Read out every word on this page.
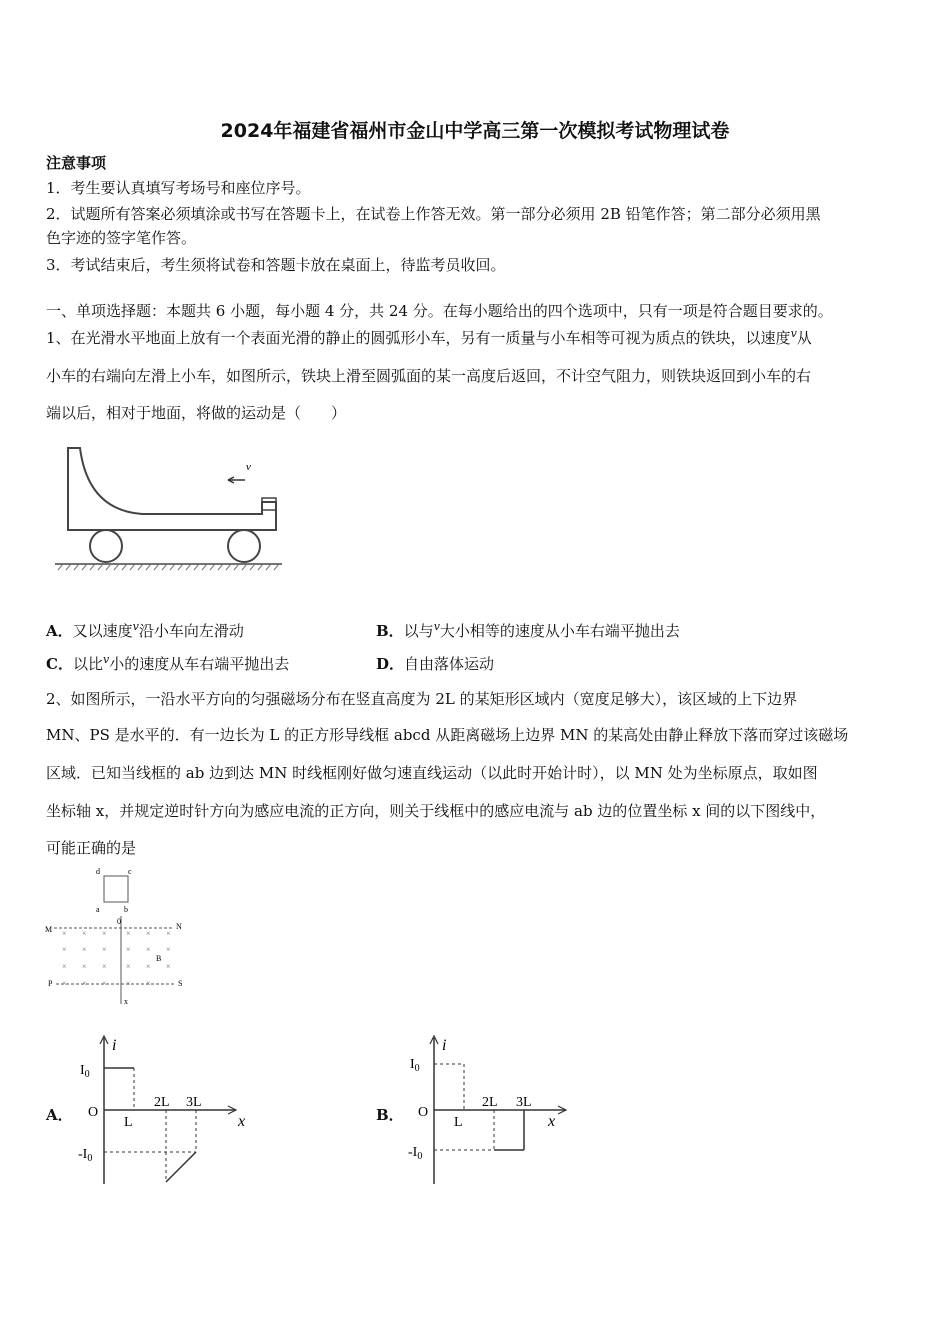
2024年福建省福州市金山中学高三第一次模拟考试物理试卷
注意事项
1．考生要认真填写考场号和座位序号。
2．试题所有答案必须填涂或书写在答题卡上，在试卷上作答无效。第一部分必须用 2B 铅笔作答；第二部分必须用黑
色字迹的签字笔作答。
3．考试结束后，考生须将试卷和答题卡放在桌面上，待监考员收回。
一、单项选择题：本题共 6 小题，每小题 4 分，共 24 分。在每小题给出的四个选项中，只有一项是符合题目要求的。
1、在光滑水平地面上放有一个表面光滑的静止的圆弧形小车，另有一质量与小车相等可视为质点的铁块，以速度$^v$从
小车的右端向左滑上小车，如图所示，铁块上滑至圆弧面的某一高度后返回，不计空气阻力，则铁块返回到小车的右
端以后，相对于地面，将做的运动是（　　）
v
A．又以速度$^v$沿小车向左滑动	B．以与$^v$大小相等的速度从小车右端平抛出去
C．以比$^v$小的速度从车右端平抛出去	D．自由落体运动
2、如图所示，一沿水平方向的匀强磁场分布在竖直高度为 2L 的某矩形区域内（宽度足够大），该区域的上下边界
MN、PS 是水平的．有一边长为 L 的正方形导线框 abcd 从距离磁场上边界 MN 的某高处由静止释放下落而穿过该磁场
区域．已知当线框的 ab 边到达 MN 时线框刚好做匀速直线运动（以此时开始计时），以 MN 处为坐标原点，取如图
坐标轴 x，并规定逆时针方向为感应电流的正方向，则关于线框中的感应电流与 ab 边的位置坐标 x 间的以下图线中，
可能正确的是
d	c
a	b
0
M	N
P	S
x
B
× × × × × ×
× × × × × ×
× × × × × ×
× × × × ×
A．
i
x
O
$I_0$
$-I_0$
L
2L 3L
B．
i
x
O
$I_0$
$-I_0$
L
2L 3L
